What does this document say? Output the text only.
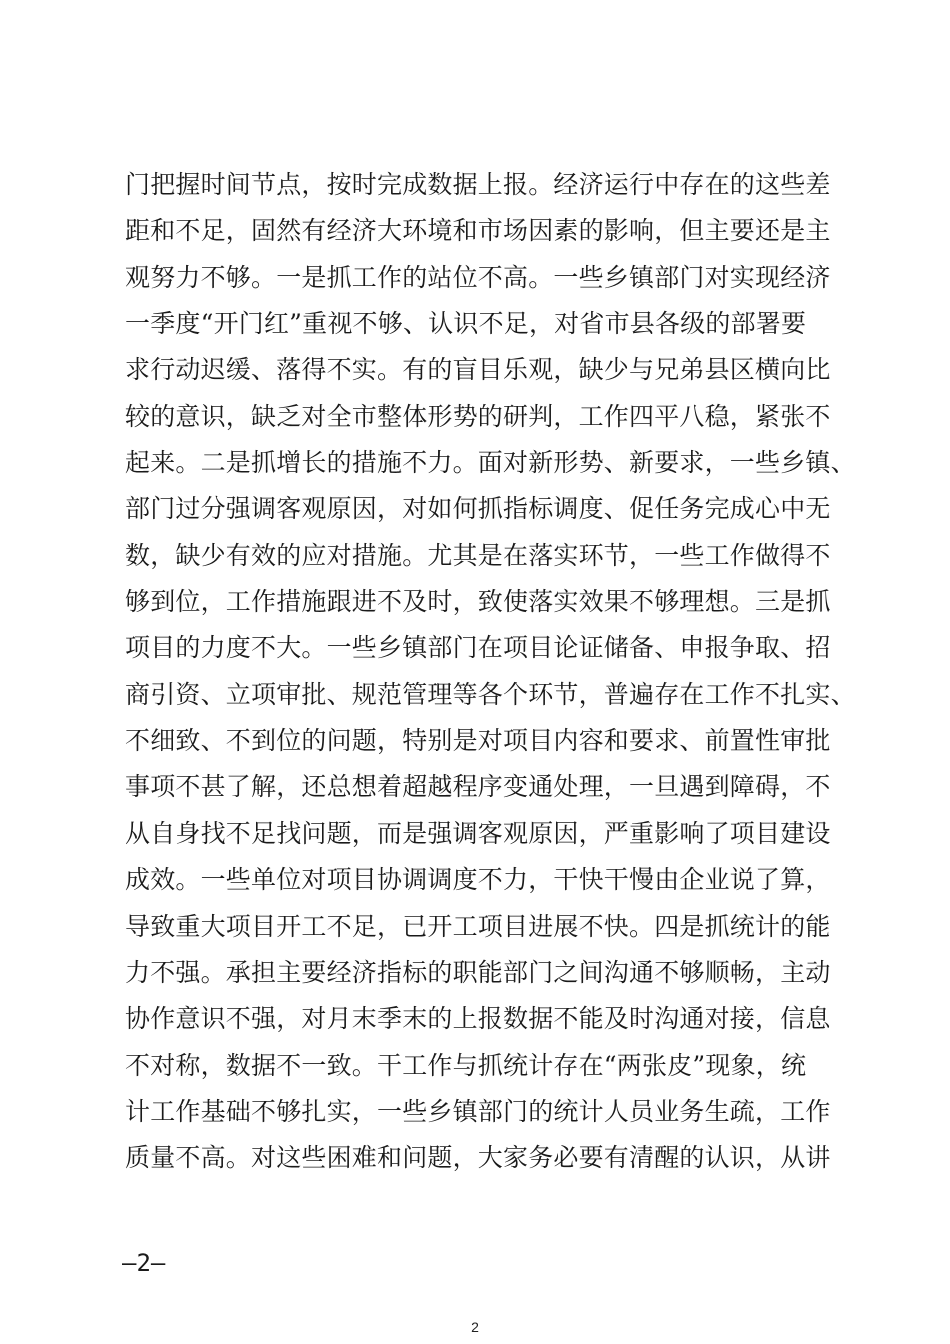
门把握时间节点，按时完成数据上报。经济运行中存在的这些差
距和不足，固然有经济大环境和市场因素的影响，但主要还是主
观努力不够。一是抓工作的站位不高。一些乡镇部门对实现经济
一季度“开门红”重视不够、认识不足，对省市县各级的部署要
求行动迟缓、落得不实。有的盲目乐观，缺少与兄弟县区横向比
较的意识，缺乏对全市整体形势的研判，工作四平八稳，紧张不
起来。二是抓增长的措施不力。面对新形势、新要求，一些乡镇、
部门过分强调客观原因，对如何抓指标调度、促任务完成心中无
数，缺少有效的应对措施。尤其是在落实环节，一些工作做得不
够到位，工作措施跟进不及时，致使落实效果不够理想。三是抓
项目的力度不大。一些乡镇部门在项目论证储备、申报争取、招
商引资、立项审批、规范管理等各个环节，普遍存在工作不扎实、
不细致、不到位的问题，特别是对项目内容和要求、前置性审批
事项不甚了解，还总想着超越程序变通处理，一旦遇到障碍，不
从自身找不足找问题，而是强调客观原因，严重影响了项目建设
成效。一些单位对项目协调调度不力，干快干慢由企业说了算，
导致重大项目开工不足，已开工项目进展不快。四是抓统计的能
力不强。承担主要经济指标的职能部门之间沟通不够顺畅，主动
协作意识不强，对月末季末的上报数据不能及时沟通对接，信息
不对称，数据不一致。干工作与抓统计存在“两张皮”现象，统
计工作基础不够扎实，一些乡镇部门的统计人员业务生疏，工作
质量不高。对这些困难和问题，大家务必要有清醒的认识，从讲
–2–
2
